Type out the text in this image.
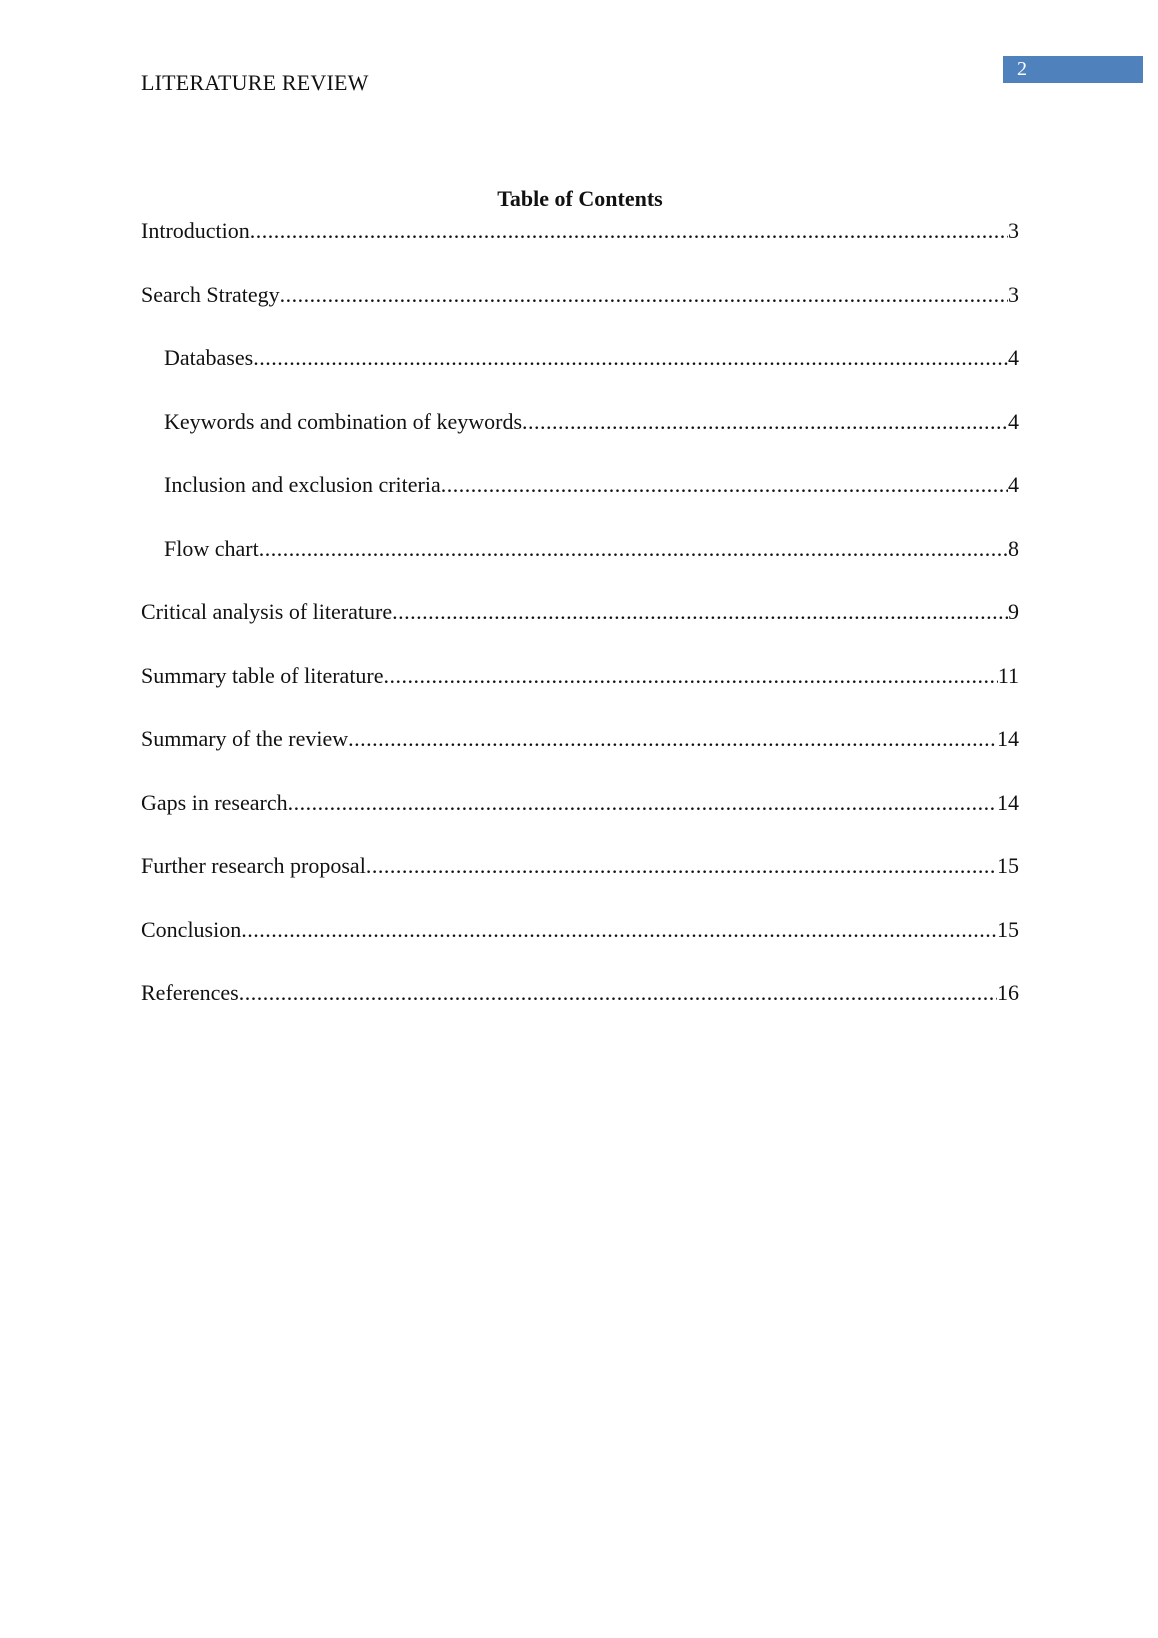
LITERATURE REVIEW
2
Table of Contents
Introduction .....	3
Search Strategy .....	3
Databases .....	4
Keywords and combination of keywords .....	4
Inclusion and exclusion criteria .....	4
Flow chart .....	8
Critical analysis of literature .....	9
Summary table of literature .....	11
Summary of the review .....	14
Gaps in research .....	14
Further research proposal .....	15
Conclusion .....	15
References .....	16
